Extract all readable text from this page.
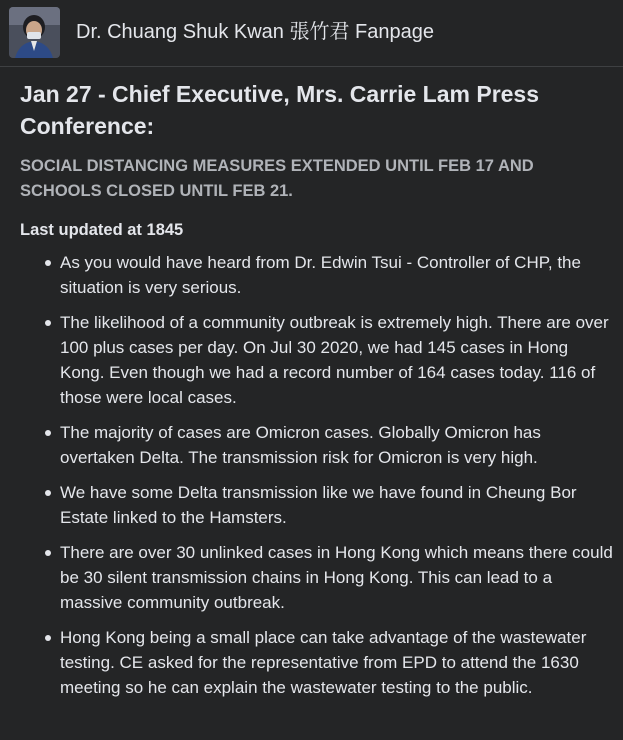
Dr. Chuang Shuk Kwan 張竹君 Fanpage
Jan 27 - Chief Executive, Mrs. Carrie Lam Press Conference:
SOCIAL DISTANCING MEASURES EXTENDED UNTIL FEB 17 AND SCHOOLS CLOSED UNTIL FEB 21.
Last updated at 1845
As you would have heard from Dr. Edwin Tsui - Controller of CHP, the situation is very serious.
The likelihood of a community outbreak is extremely high. There are over 100 plus cases per day. On Jul 30 2020, we had 145 cases in Hong Kong. Even though we had a record number of 164 cases today. 116 of those were local cases.
The majority of cases are Omicron cases. Globally Omicron has overtaken Delta. The transmission risk for Omicron is very high.
We have some Delta transmission like we have found in Cheung Bor Estate linked to the Hamsters.
There are over 30 unlinked cases in Hong Kong which means there could be 30 silent transmission chains in Hong Kong. This can lead to a massive community outbreak.
Hong Kong being a small place can take advantage of the wastewater testing. CE asked for the representative from EPD to attend the 1630 meeting so he can explain the wastewater testing to the public.
